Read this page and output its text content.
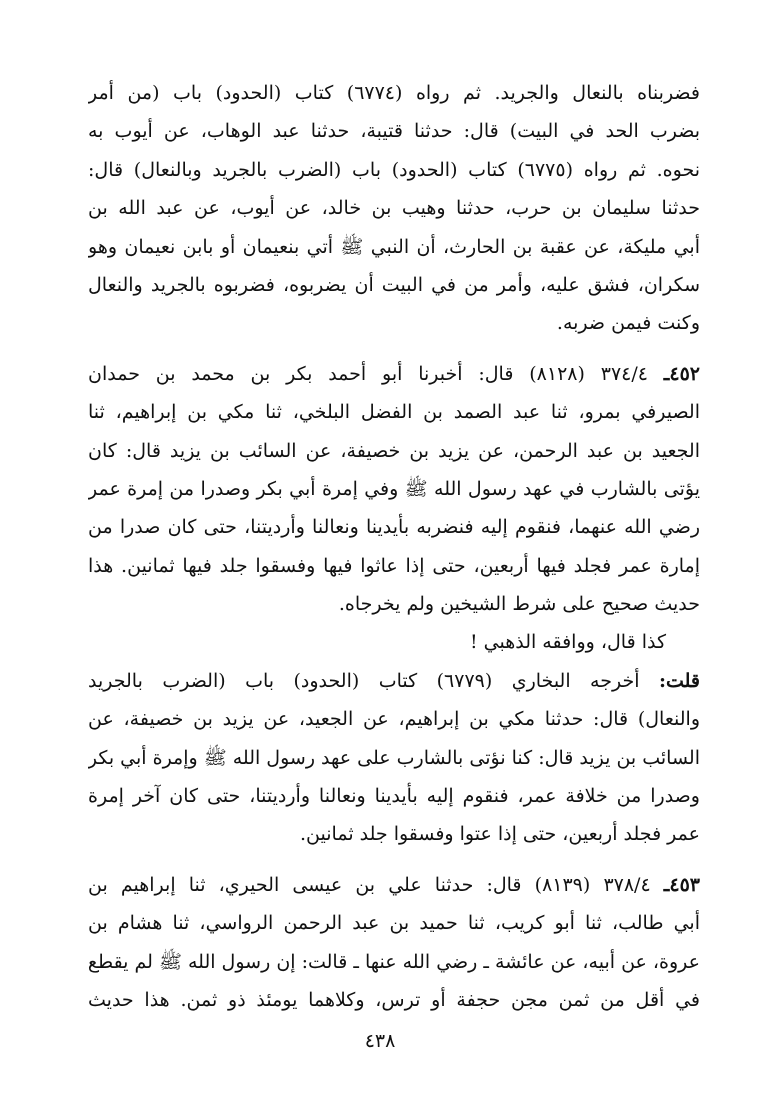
فضربناه بالنعال والجريد. ثم رواه (٦٧٧٤) كتاب (الحدود) باب (من أمر
بضرب الحد في البيت) قال: حدثنا قتيبة، حدثنا عبد الوهاب، عن أيوب به
نحوه. ثم رواه (٦٧٧٥) كتاب (الحدود) باب (الضرب بالجريد وبالنعال) قال:
حدثنا سليمان بن حرب، حدثنا وهيب بن خالد، عن أيوب، عن عبد الله بن
أبي مليكة، عن عقبة بن الحارث، أن النبي ﷺ أتي بنعيمان أو بابن نعيمان وهو
سكران، فشق عليه، وأمر من في البيت أن يضربوه، فضربوه بالجريد والنعال
وكنت فيمن ضربه.
٤٥٢ـ ٣٧٤/٤ (٨١٢٨) قال: أخبرنا أبو أحمد بكر بن محمد بن حمدان
الصيرفي بمرو، ثنا عبد الصمد بن الفضل البلخي، ثنا مكي بن إبراهيم، ثنا
الجعيد بن عبد الرحمن، عن يزيد بن خصيفة، عن السائب بن يزيد قال: كان
يؤتى بالشارب في عهد رسول الله ﷺ وفي إمرة أبي بكر وصدرا من إمرة عمر
رضي الله عنهما، فنقوم إليه فنضربه بأيدينا ونعالنا وأرديتنا، حتى كان صدرا من
إمارة عمر فجلد فيها أربعين، حتى إذا عاثوا فيها وفسقوا جلد فيها ثمانين. هذا
حديث صحيح على شرط الشيخين ولم يخرجاه.
كذا قال، ووافقه الذهبي !
قلت: أخرجه البخاري (٦٧٧٩) كتاب (الحدود) باب (الضرب بالجريد
والنعال) قال: حدثنا مكي بن إبراهيم، عن الجعيد، عن يزيد بن خصيفة، عن
السائب بن يزيد قال: كنا نؤتى بالشارب على عهد رسول الله ﷺ وإمرة أبي بكر
وصدرا من خلافة عمر، فنقوم إليه بأيدينا ونعالنا وأرديتنا، حتى كان آخر إمرة
عمر فجلد أربعين، حتى إذا عتوا وفسقوا جلد ثمانين.
٤٥٣ـ ٣٧٨/٤ (٨١٣٩) قال: حدثنا علي بن عيسى الحيري، ثنا إبراهيم بن
أبي طالب، ثنا أبو كريب، ثنا حميد بن عبد الرحمن الرواسي، ثنا هشام بن
عروة، عن أبيه، عن عائشة ـ رضي الله عنها ـ قالت: إن رسول الله ﷺ لم يقطع
في أقل من ثمن مجن حجفة أو ترس، وكلاهما يومئذ ذو ثمن. هذا حديث
٤٣٨
